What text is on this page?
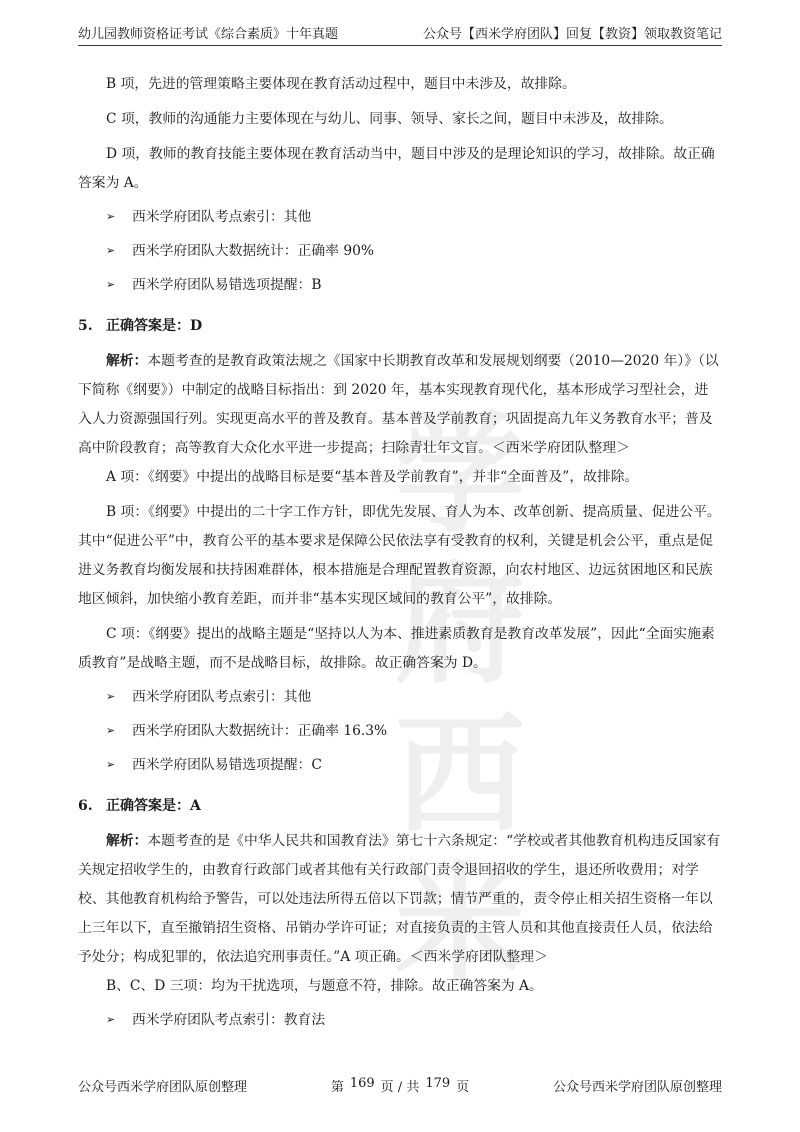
幼儿园教师资格证考试《综合素质》十年真题	公众号【西米学府团队】回复【教资】领取教资笔记
学府
西米

B 项，先进的管理策略主要体现在教育活动过程中，题目中未涉及，故排除。

C 项，教师的沟通能力主要体现在与幼儿、同事、领导、家长之间，题目中未涉及，故排除。

D 项，教师的教育技能主要体现在教育活动当中，题目中涉及的是理论知识的学习，故排除。故正确答案为 A。

➢	西米学府团队考点索引：其他

➢	西米学府团队大数据统计：正确率 90%

➢	西米学府团队易错选项提醒：B

5. 正确答案是：D

解析：本题考查的是教育政策法规之《国家中长期教育改革和发展规划纲要（2010—2020 年）》（以下简称《纲要》）中制定的战略目标指出：到 2020 年，基本实现教育现代化，基本形成学习型社会，进入人力资源强国行列。实现更高水平的普及教育。基本普及学前教育；巩固提高九年义务教育水平；普及高中阶段教育；高等教育大众化水平进一步提高；扫除青壮年文盲。＜西米学府团队整理＞

A 项：《纲要》中提出的战略目标是要“基本普及学前教育”，并非“全面普及”，故排除。

B 项：《纲要》中提出的二十字工作方针，即优先发展、育人为本、改革创新、提高质量、促进公平。其中“促进公平”中，教育公平的基本要求是保障公民依法享有受教育的权利，关键是机会公平，重点是促进义务教育均衡发展和扶持困难群体，根本措施是合理配置教育资源，向农村地区、边远贫困地区和民族地区倾斜，加快缩小教育差距，而并非“基本实现区域间的教育公平”，故排除。

C 项：《纲要》提出的战略主题是“坚持以人为本、推进素质教育是教育改革发展”，因此“全面实施素质教育”是战略主题，而不是战略目标，故排除。故正确答案为 D。

➢	西米学府团队考点索引：其他

➢	西米学府团队大数据统计：正确率 16.3%

➢	西米学府团队易错选项提醒：C

6. 正确答案是：A

解析：本题考查的是《中华人民共和国教育法》第七十六条规定：“学校或者其他教育机构违反国家有关规定招收学生的，由教育行政部门或者其他有关行政部门责令退回招收的学生，退还所收费用；对学校、其他教育机构给予警告，可以处违法所得五倍以下罚款；情节严重的，责令停止相关招生资格一年以上三年以下，直至撤销招生资格、吊销办学许可证；对直接负责的主管人员和其他直接责任人员，依法给予处分；构成犯罪的，依法追究刑事责任。”A 项正确。＜西米学府团队整理＞

B、C、D 三项：均为干扰选项，与题意不符，排除。故正确答案为 A。

➢	西米学府团队考点索引：教育法

公众号西米学府团队原创整理	第 169 页 / 共 179 页	公众号西米学府团队原创整理
